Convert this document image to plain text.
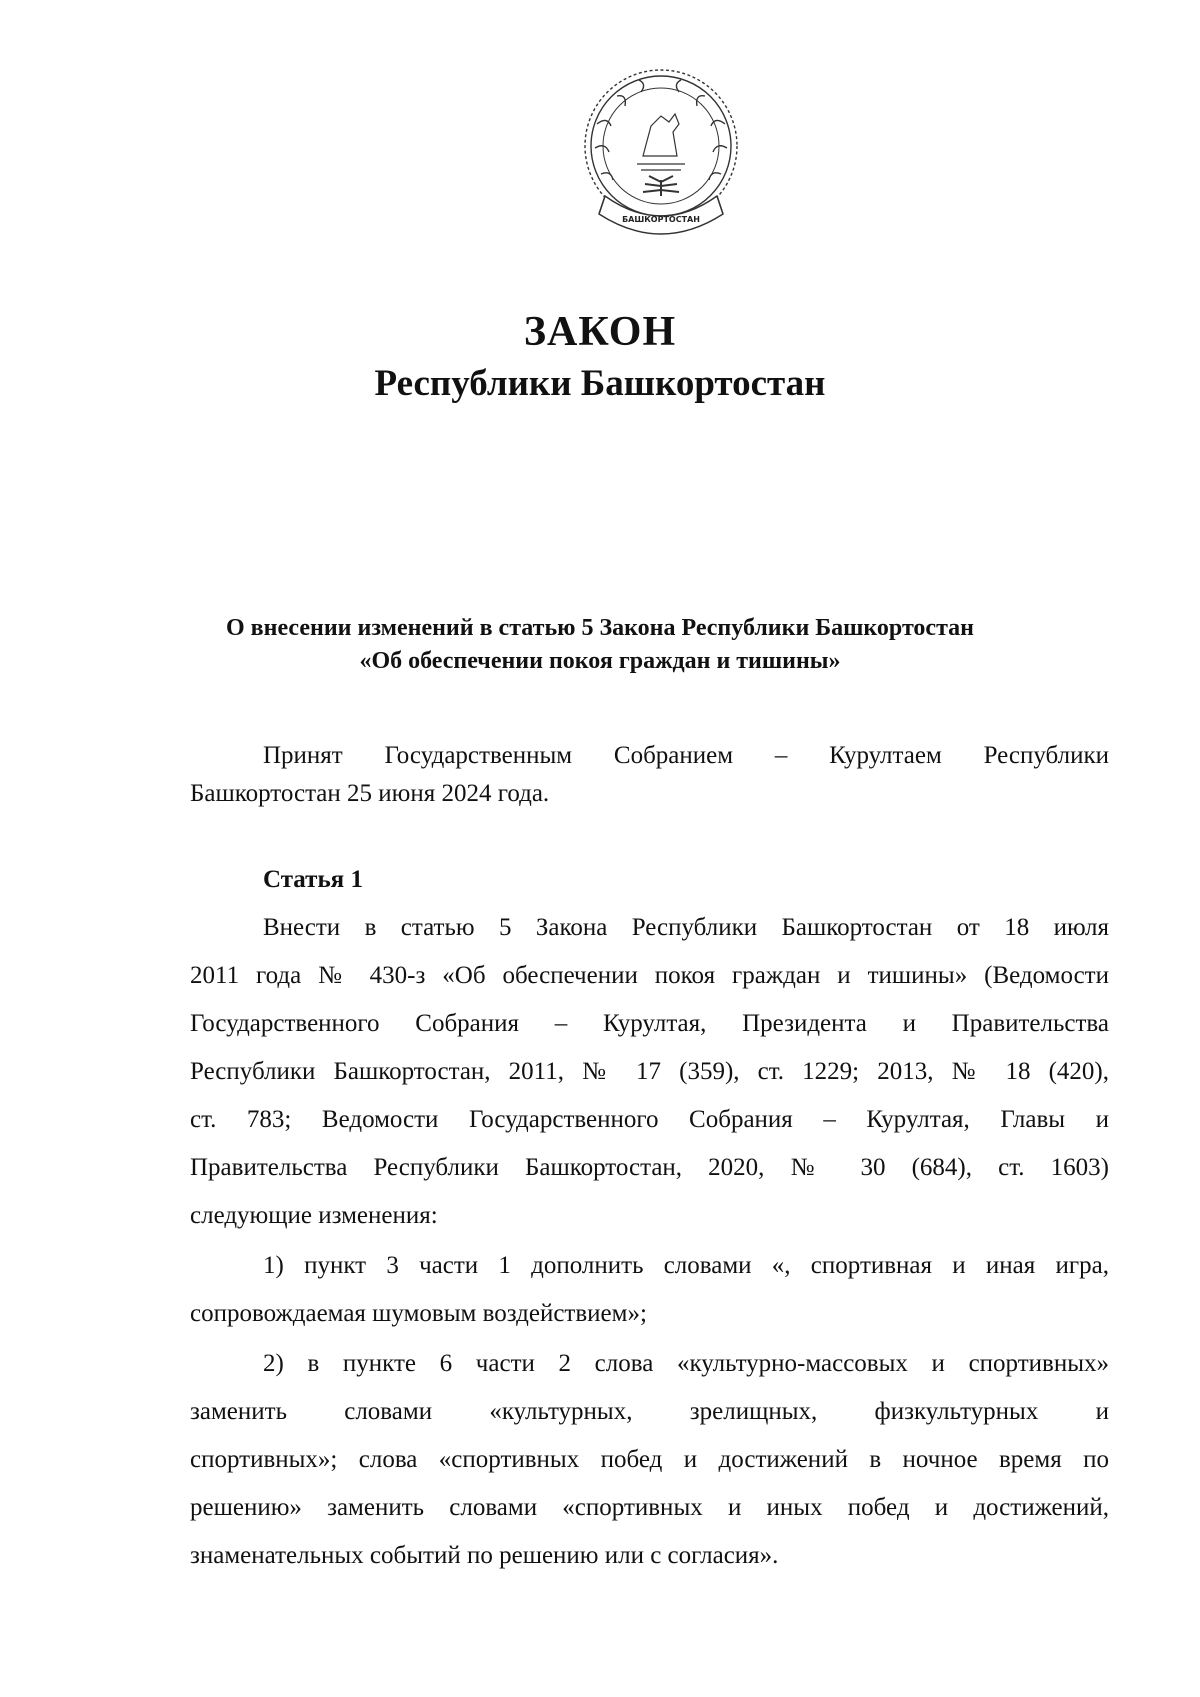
БАШКОРТОСТАН
ЗАКОН
Республики Башкортостан
О внесении изменений в статью 5 Закона Республики Башкортостан
«Об обеспечении покоя граждан и тишины»
Принят Государственным Собранием – Курултаем Республики
Башкортостан 25 июня 2024 года.
Статья 1
Внести в статью 5 Закона Республики Башкортостан от 18 июля
2011 года № 430-з «Об обеспечении покоя граждан и тишины» (Ведомости
Государственного Собрания – Курултая, Президента и Правительства
Республики Башкортостан, 2011, № 17 (359), ст. 1229; 2013, № 18 (420),
ст. 783; Ведомости Государственного Собрания – Курултая, Главы и
Правительства Республики Башкортостан, 2020, № 30 (684), ст. 1603)
следующие изменения:
1) пункт 3 части 1 дополнить словами «, спортивная и иная игра,
сопровождаемая шумовым воздействием»;
2) в пункте 6 части 2 слова «культурно-массовых и спортивных»
заменить словами «культурных, зрелищных, физкультурных и
спортивных»; слова «спортивных побед и достижений в ночное время по
решению» заменить словами «спортивных и иных побед и достижений,
знаменательных событий по решению или с согласия».
